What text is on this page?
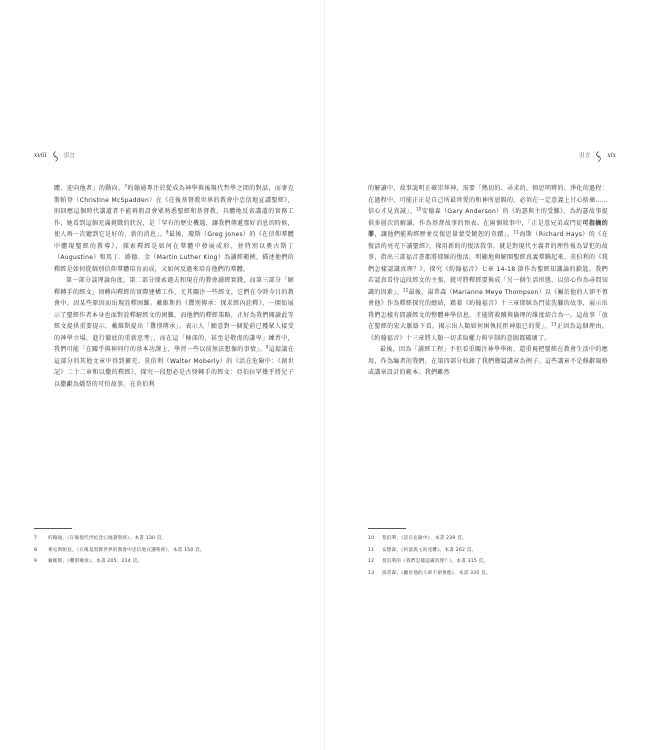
xviii	引言

體、迎向他者」的動向。$^7$約翰通專注於從成為神學與後現代哲學之間的對話，而麥克斯帕登（Christine McSpadden）在《在後基督教世界的教會中忠信地宣講聖經》，則回應這個時代講道者不能再假設會眾熟悉聖經和基督教，具體地反省講道的實務工作，她看到這個充滿挑戰的狀況，是「罕有的歷史機遇，讓我們傳遞那好消息的時候，使人再一次聽到它是好的、新的消息」。$^8$最後，瓊斯（Greg Jones）的《在信仰羣體中體現聖經的教導》，探索釋經是如何在羣體中發展成形，並特別以奧古斯丁（Augustine）和馬丁．路德．金（Martin Luther King）為讀經範例，描述他們的釋經是如何從個別信仰羣體培育而成，又如何反過來培育他們的羣體。

第一部分談理論角度，第二部分探索過去和現在的教會讀經實踐，而第三部分「解釋轉手的經文」則轉向釋經的實際建構工作，尤其關注一些經文，它們在今時今日的教會中，因某些原因而出現詮釋困難。戴維斯的《釁別傳承：探求經內詮釋》，一開始展示了聖經作者本身也面對詮釋解經文的困難，而他們的釋經策略，正好為我們閱讀此等經文提供重要提示。戴維斯提出「釁別傳承」，表示人「願意對一個從前已獲眾人接受的神學立場，進行徹底的重新思考」，而在這「極深的、甚至是敬虔的謙卑」練習中，我們可能「在關乎與神同行的基本功課上，學習一些以前無法想像的事情」。$^9$這提議在這部分的其他文章中得到擴充。莫伯利（Walter Moberly）的《活在危險中：《創世記》二十二章和以撒的釋經》，探究一段想必是古怪棘手的經文：亞伯拉罕幾乎將兒子以撒獻為燔祭的可怕故事。在莫伯利

7	約翰通，《在後現代世紀念心地讀聖經》，本書 130 頁。
8	麥克斯帕登，《在後基督教世界的教會中忠信地宣講聖經》，本書 150 頁。
9	戴維斯，《釁別傳承》，本書 205、214 頁。
引言	xix

的解讀中，故事說明正確崇拜神，需要「熱切的、尋求的、慎思明辨的、淨化的過程：在過程中，可能正正是自己所最珍愛的和神所恩賜的，必須在一定意義上甘心捨棄……信心才見真誠」。$^{10}$安德森（Gary Anderson）的《約瑟與主的受難》，為約瑟故事提供多層次的解讀，作為基督故事的預表。在兩個敘事中，「正是意兄弟或門徒可指摘的罪，讓他們能夠經歷並反復思量蒙受饒恕的奇蹟」。$^{11}$海斯（Richard Hays）的《在復活的亮光下讀聖經》，探用新約的復活敘事，就是對現代主義者的理性報為冒犯的故事，指出三部福音書都將耶穌的復活，明顯地與解開聖經真義羣聯起來。莫伯利的《我們怎樣認識真理？》，探究《約翰福音》七章 14-18 節作為聖經知識論的鎖匙。我們若認真看待這段經文的主張，就可將釋經要換成「另一個生活形態，以信心作為尋問知識的因素」。$^{12}$最後，湯普森（Marianne Meye Thompson）以《屬於他的人卻不領會他》作為釋經探究的總結，藉着《約翰福音》十三章耶穌為門徒洗腳的故事，展示出我們怎樣有間讀經文的整體神學信息，才能將救贖與倫理的維度結合為一。這故事「放在聖經的宏大脈絡下看，揭示出人類如何困執抗拒神旅已的愛」。$^{13}$正因為這個理由，《約翰福音》十三章將人類一切求取權力與宰制的意圖都破壞了。

最後，因為「讀經工程」不但看重關注神學學術，還重視把聖經在教會生活中的應用，作為編者的我們，在第四部分收錄了我們幾篇講章為例子。這些講章不是修辭風格或講章設計的範本。我們雖然

10	莫伯利，《活在危險中》，本書 239 頁。
11	安德森，《約瑟與主的受難》，本書 262 頁。
12	莫伯利的《我們怎樣認識真理？》，本書 315 頁。
13	湯普森，《屬於他的人卻不領會他》，本書 335 頁。
